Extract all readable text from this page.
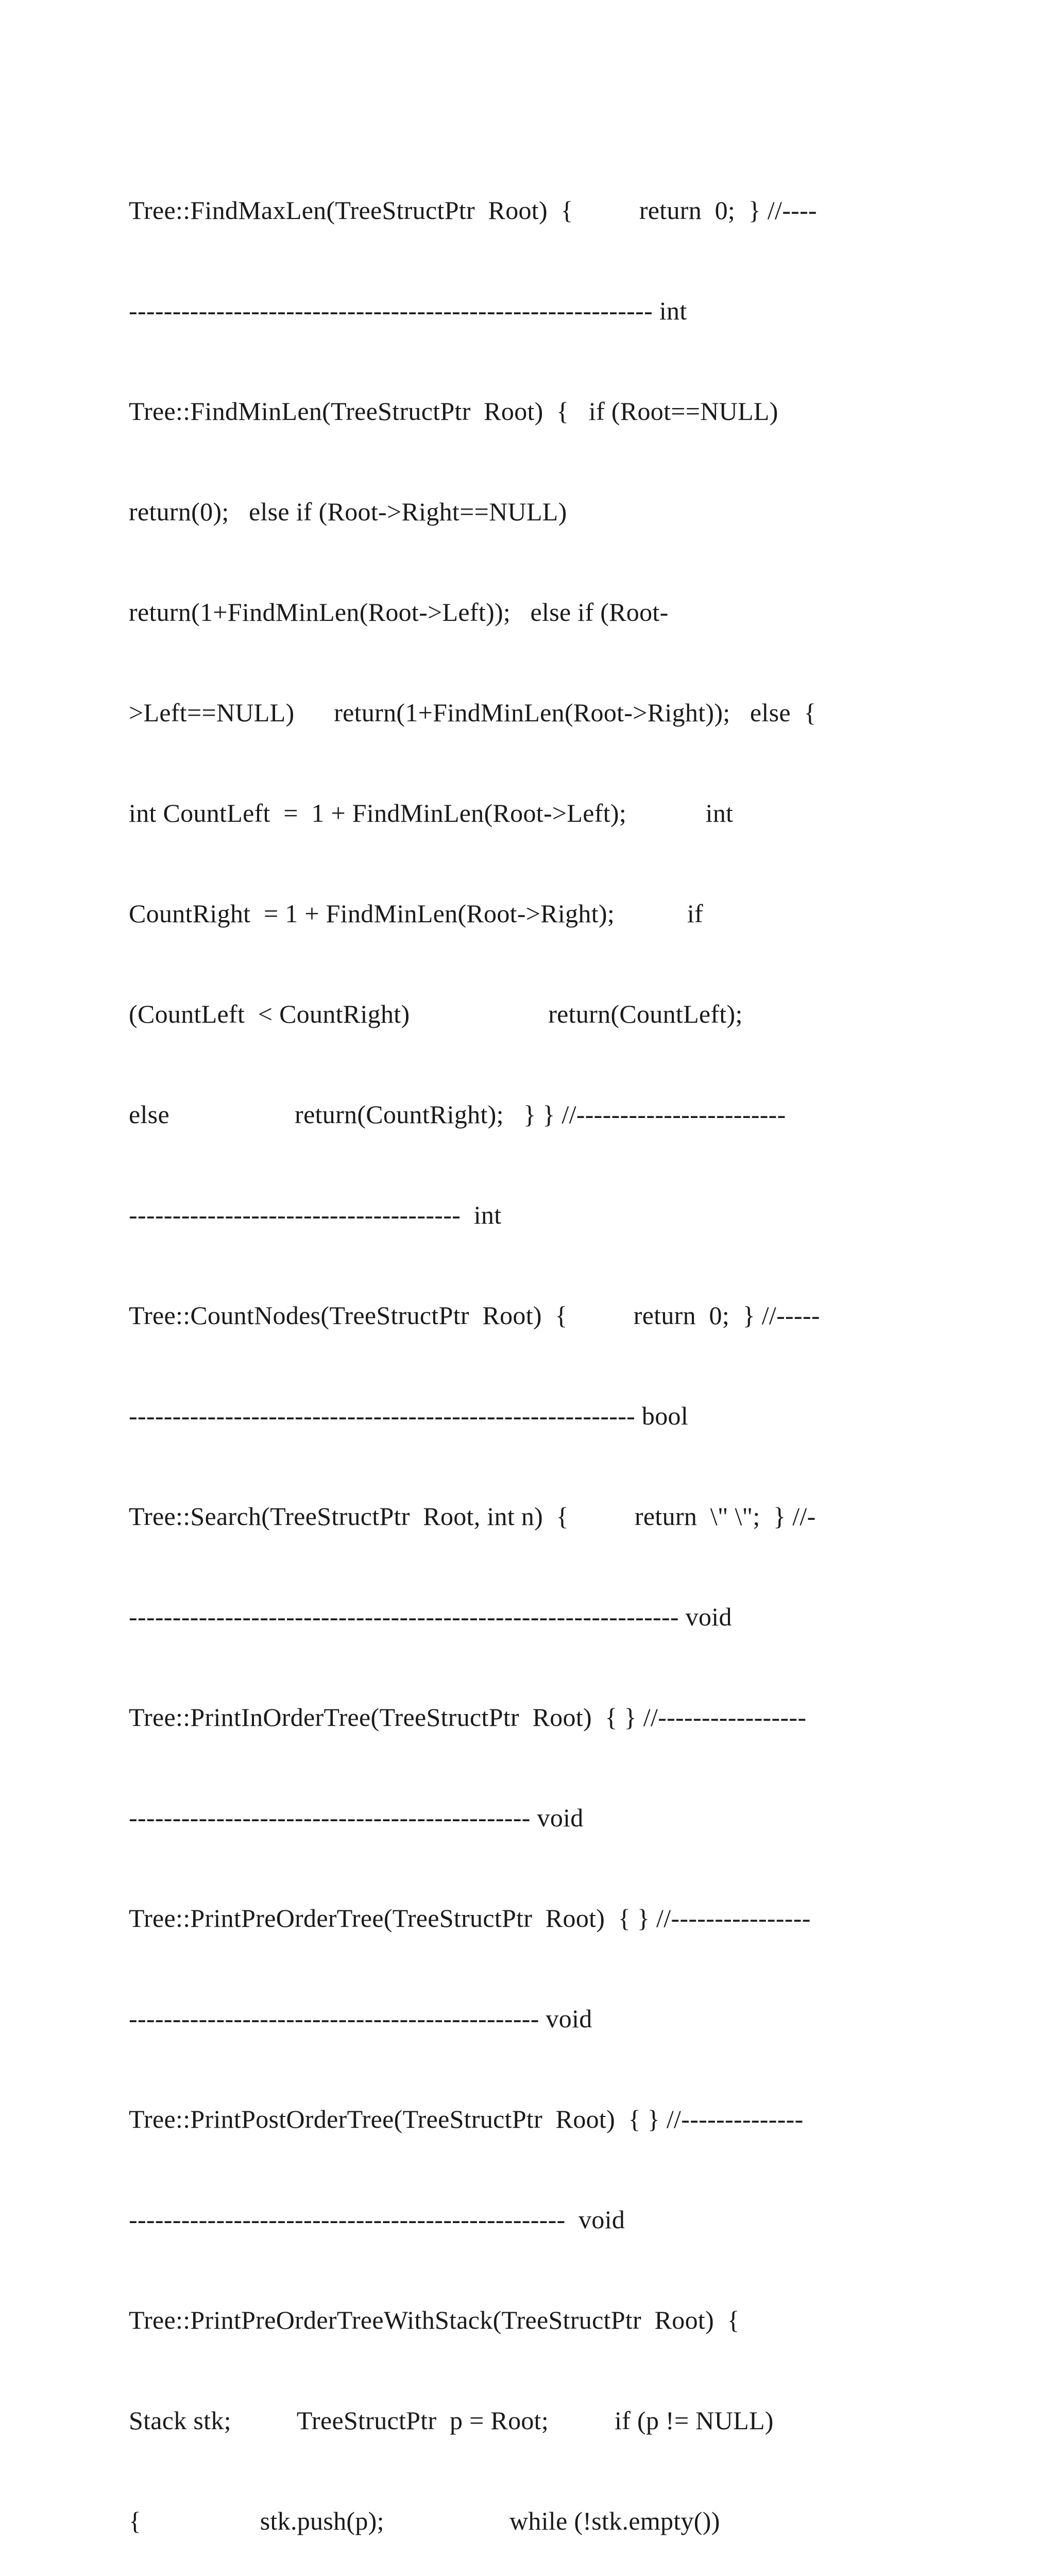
Tree::FindMaxLen(TreeStructPtr  Root)  {          return  0;  } //----

------------------------------------------------------------ int

Tree::FindMinLen(TreeStructPtr  Root)  {   if (Root==NULL)

return(0);   else if (Root->Right==NULL)

return(1+FindMinLen(Root->Left));   else if (Root-

>Left==NULL)      return(1+FindMinLen(Root->Right));   else  {

int CountLeft  =  1 + FindMinLen(Root->Left);            int

CountRight  = 1 + FindMinLen(Root->Right);           if

(CountLeft  < CountRight)                     return(CountLeft);

else                   return(CountRight);   } } //------------------------

--------------------------------------  int

Tree::CountNodes(TreeStructPtr  Root)  {          return  0;  } //-----

---------------------------------------------------------- bool

Tree::Search(TreeStructPtr  Root, int n)  {          return  \" \";  } //-

--------------------------------------------------------------- void

Tree::PrintInOrderTree(TreeStructPtr  Root)  { } //-----------------

---------------------------------------------- void

Tree::PrintPreOrderTree(TreeStructPtr  Root)  { } //----------------

----------------------------------------------- void

Tree::PrintPostOrderTree(TreeStructPtr  Root)  { } //--------------

--------------------------------------------------  void

Tree::PrintPreOrderTreeWithStack(TreeStructPtr  Root)  {

Stack stk;          TreeStructPtr  p = Root;          if (p != NULL)

{                  stk.push(p);                   while (!stk.empty())
